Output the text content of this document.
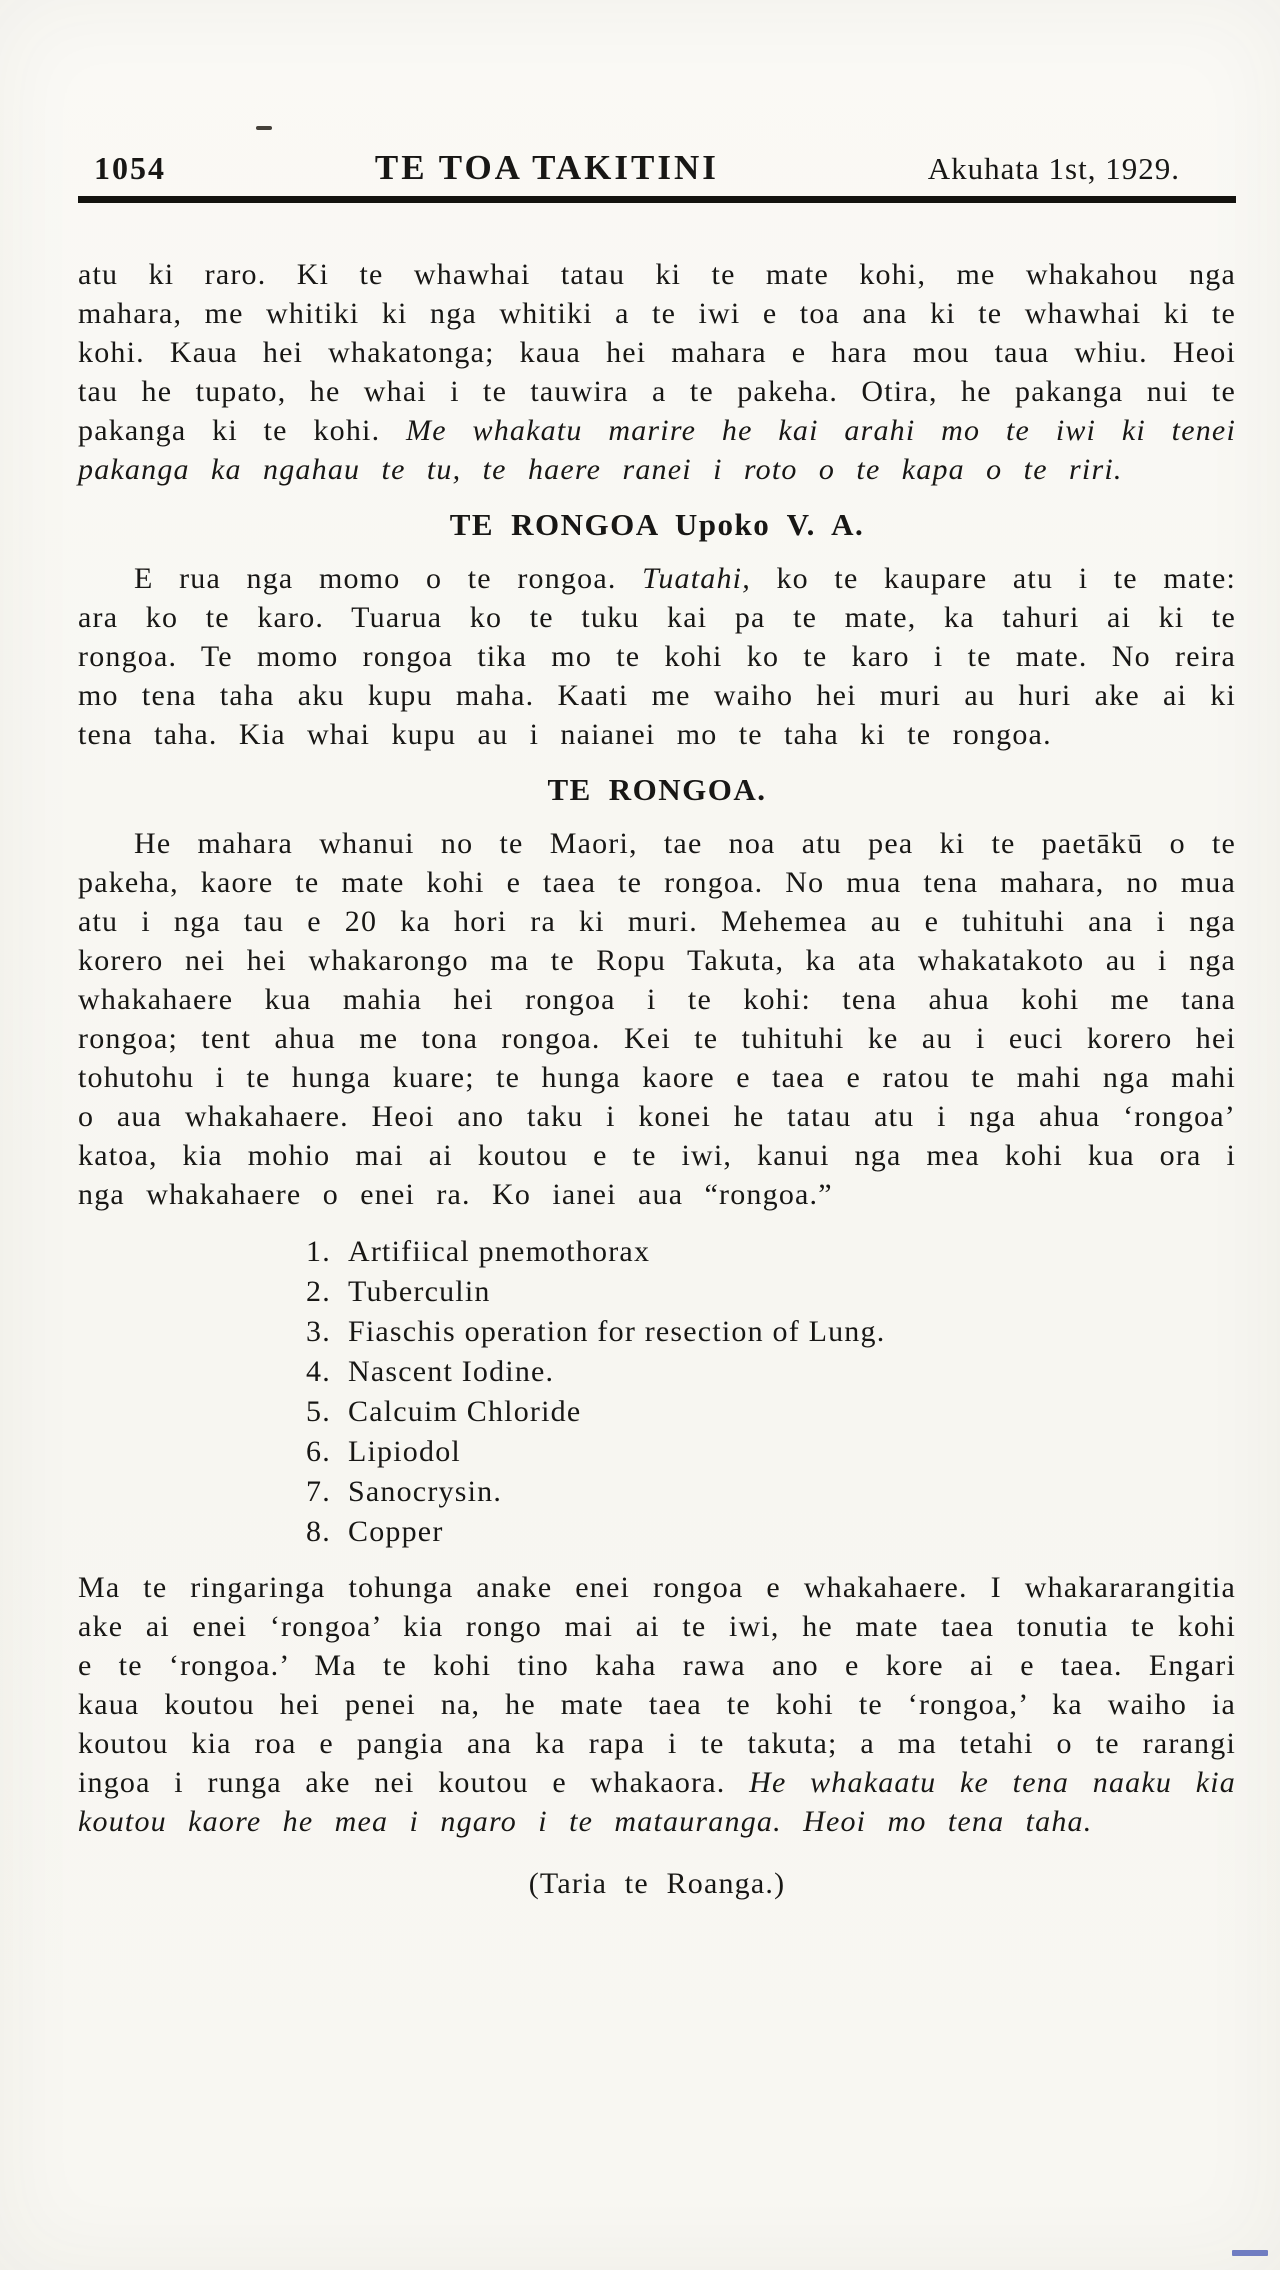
1054	TE TOA TAKITINI	Akuhata 1st, 1929.

atu ki raro. Ki te whawhai tatau ki te mate kohi, me whakahou nga mahara, me whitiki ki nga whitiki a te iwi e toa ana ki te whawhai ki te kohi. Kaua hei whakatonga; kaua hei mahara e hara mou taua whiu. Heoi tau he tupato, he whai i te tauwira a te pakeha. Otira, he pakanga nui te pakanga ki te kohi. Me whakatu marire he kai arahi mo te iwi ki tenei pakanga ka ngahau te tu, te haere ranei i roto o te kapa o te riri.

TE RONGOA Upoko V. A.

E rua nga momo o te rongoa. Tuatahi, ko te kaupare atu i te mate: ara ko te karo. Tuarua ko te tuku kai pa te mate, ka tahuri ai ki te rongoa. Te momo rongoa tika mo te kohi ko te karo i te mate. No reira mo tena taha aku kupu maha. Kaati me waiho hei muri au huri ake ai ki tena taha. Kia whai kupu au i naianei mo te taha ki te rongoa.

TE RONGOA.

He mahara whanui no te Maori, tae noa atu pea ki te paetākū o te pakeha, kaore te mate kohi e taea te rongoa. No mua tena mahara, no mua atu i nga tau e 20 ka hori ra ki muri. Mehemea au e tuhituhi ana i nga korero nei hei whakarongo ma te Ropu Takuta, ka ata whakatakoto au i nga whakahaere kua mahia hei rongoa i te kohi: tena ahua kohi me tana rongoa; tent ahua me tona rongoa. Kei te tuhituhi ke au i euci korero hei tohutohu i te hunga kuare; te hunga kaore e taea e ratou te mahi nga mahi o aua whakahaere. Heoi ano taku i konei he tatau atu i nga ahua ‘rongoa’ katoa, kia mohio mai ai koutou e te iwi, kanui nga mea kohi kua ora i nga whakahaere o enei ra. Ko ianei aua “rongoa.”

1. Artifiical pnemothorax
2. Tuberculin
3. Fiaschis operation for resection of Lung.
4. Nascent Iodine.
5. Calcuim Chloride
6. Lipiodol
7. Sanocrysin.
8. Copper

Ma te ringaringa tohunga anake enei rongoa e whakahaere. I whakararangitia ake ai enei ‘rongoa’ kia rongo mai ai te iwi, he mate taea tonutia te kohi e te ‘rongoa.’ Ma te kohi tino kaha rawa ano e kore ai e taea. Engari kaua koutou hei penei na, he mate taea te kohi te ‘rongoa,’ ka waiho ia koutou kia roa e pangia ana ka rapa i te takuta; a ma tetahi o te rarangi ingoa i runga ake nei koutou e whakaora. He whakaatu ke tena naaku kia koutou kaore he mea i ngaro i te matauranga. Heoi mo tena taha.

(Taria te Roanga.)
